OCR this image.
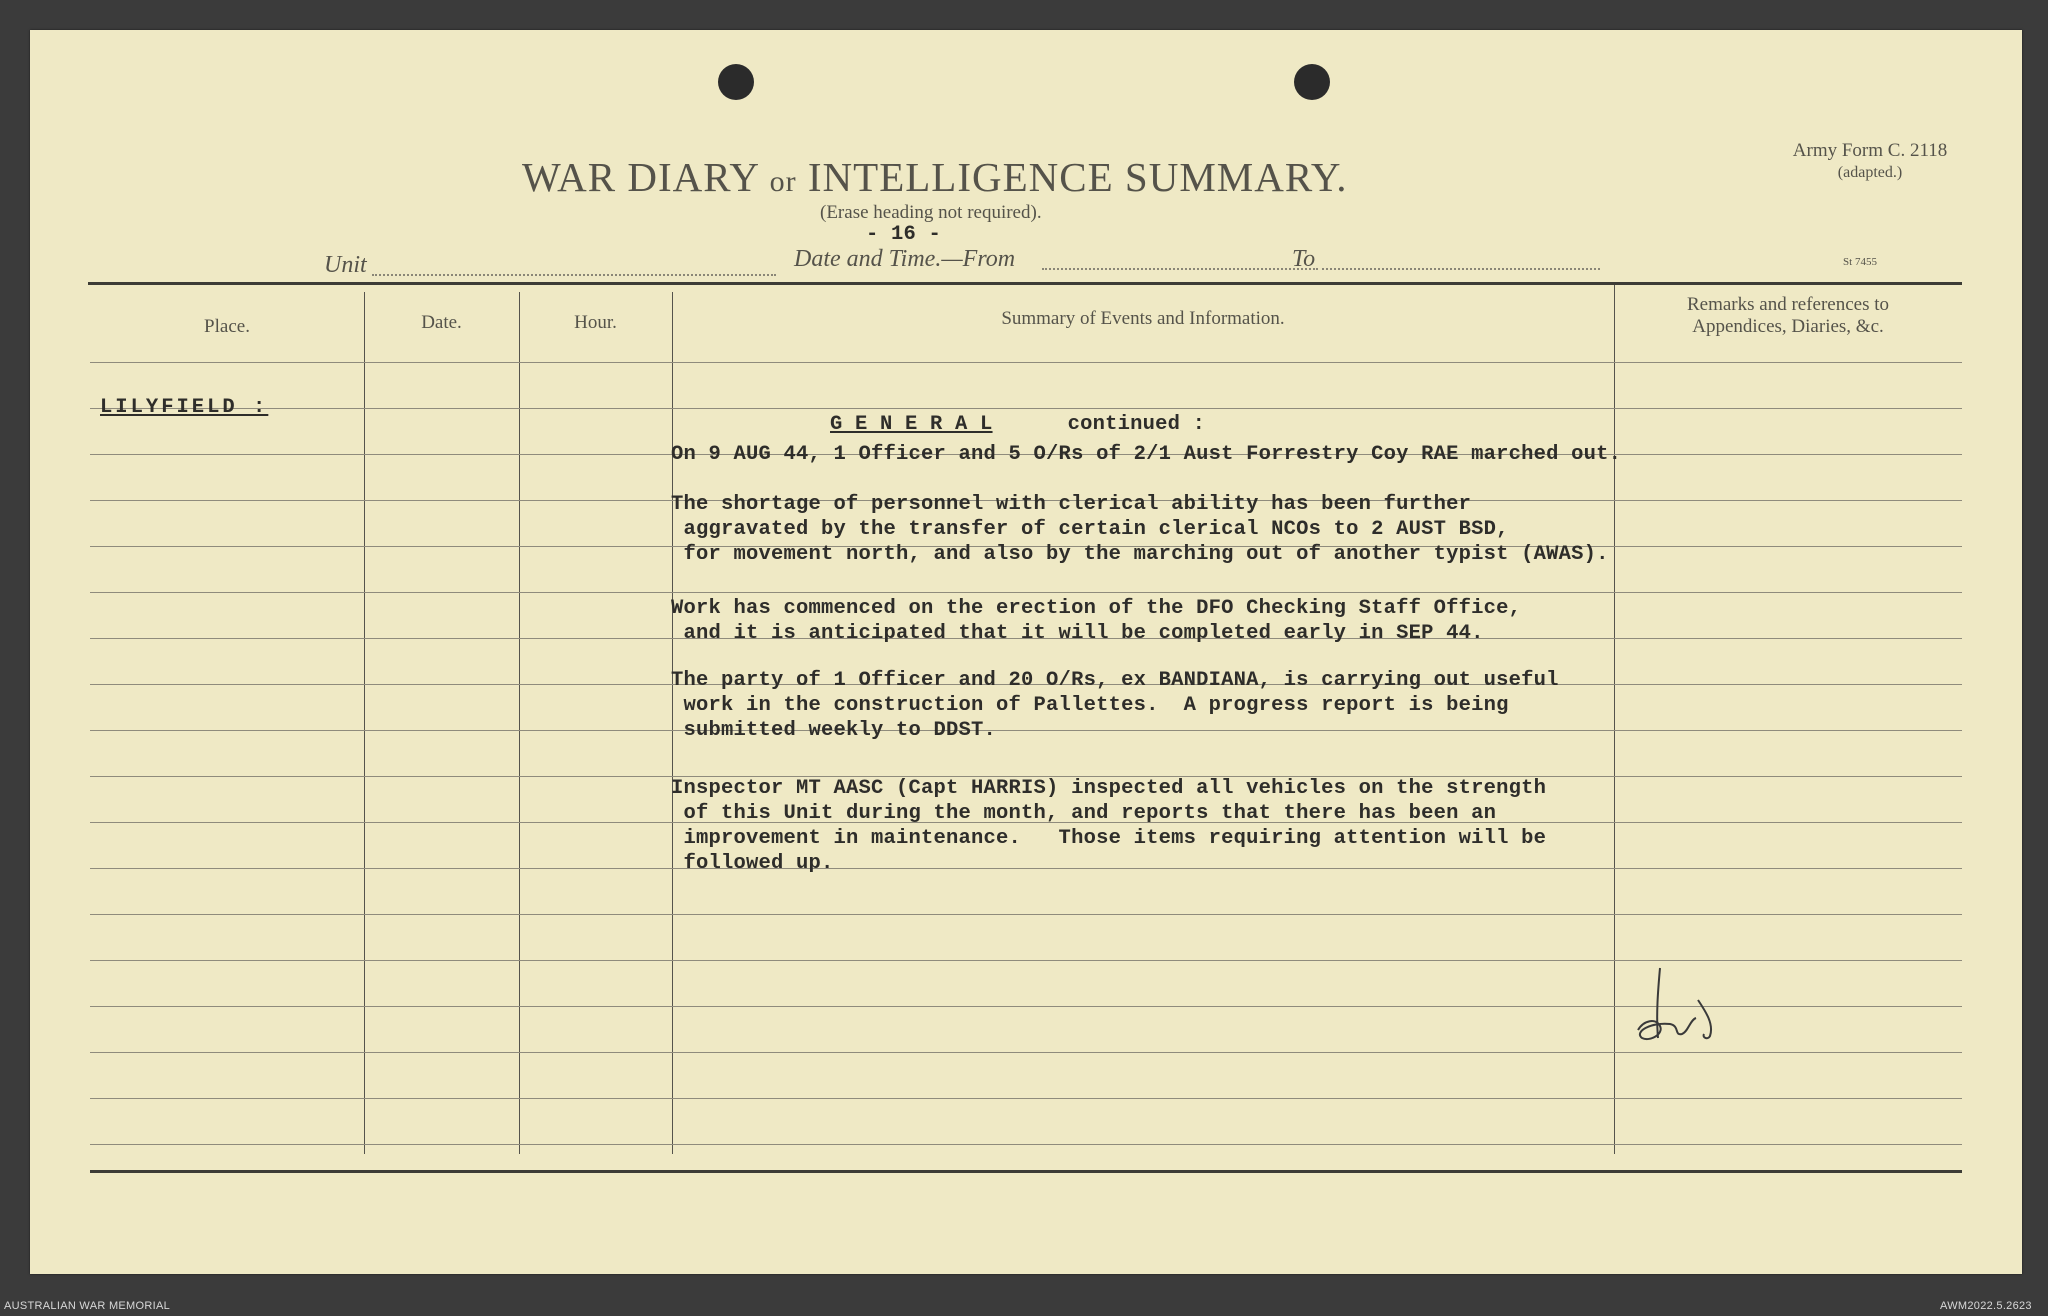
WAR DIARY or INTELLIGENCE SUMMARY.
(Erase heading not required).
- 16 -
Army Form C. 2118
(adapted.)
St 7455
Unit	Date and Time.—From	To
Place.	Date.	Hour.	Summary of Events and Information.
Remarks and references to
Appendices, Diaries, &c.
LILYFIELD :

G E N E R A L	continued :

On 9 AUG 44, 1 Officer and 5 O/Rs of 2/1 Aust Forrestry Coy RAE marched out.
The shortage of personnel with clerical ability has been further
aggravated by the transfer of certain clerical NCOs to 2 AUST BSD,
for movement north, and also by the marching out of another typist (AWAS).
Work has commenced on the erection of the DFO Checking Staff Office,
and it is anticipated that it will be completed early in SEP 44.
The party of 1 Officer and 20 O/Rs, ex BANDIANA, is carrying out useful
work in the construction of Pallettes.  A progress report is being
submitted weekly to DDST.
Inspector MT AASC (Capt HARRIS) inspected all vehicles on the strength
of this Unit during the month, and reports that there has been an
improvement in maintenance.   Those items requiring attention will be
followed up.
AUSTRALIAN WAR MEMORIAL	AWM2022.5.2623
